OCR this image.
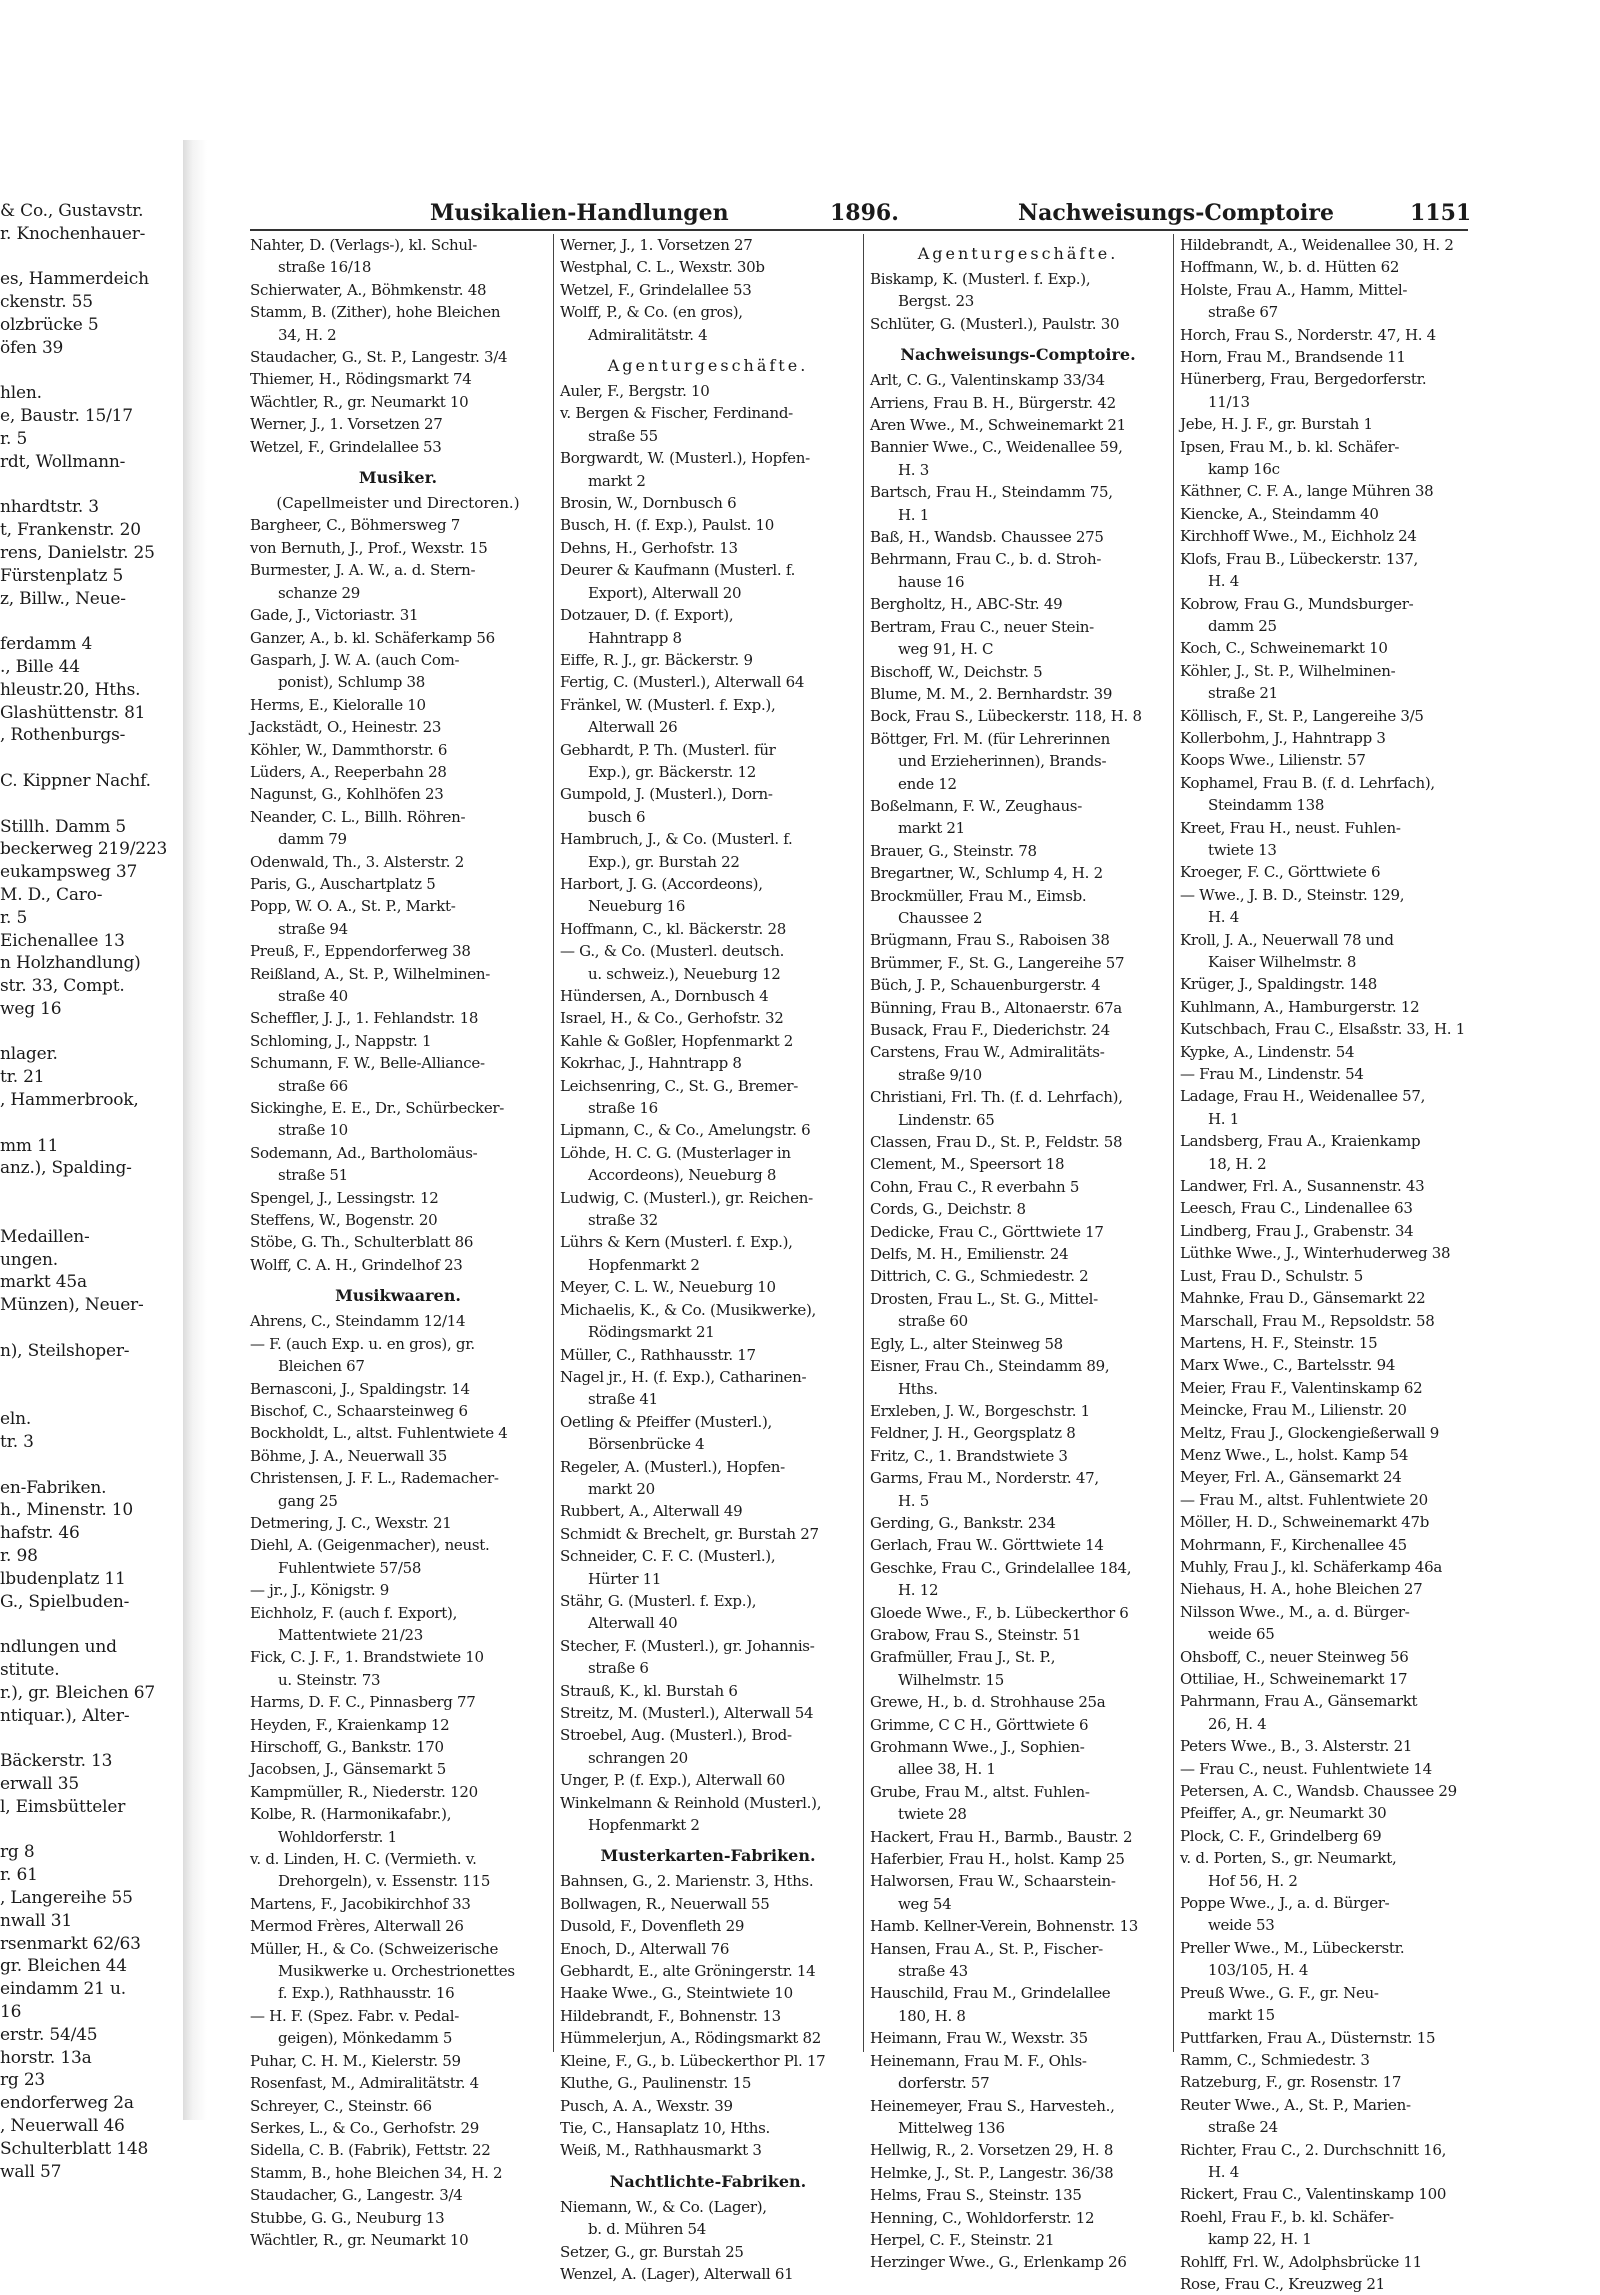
& Co., Gustavstr.
r. Knochenhauer-

es, Hammerdeich
ckenstr. 55
olzbrücke 5
öfen 39

hlen.
e, Baustr. 15/17
r. 5
rdt, Wollmann-

nhardtstr. 3
t, Frankenstr. 20
rens, Danielstr. 25
Fürstenplatz 5
z, Billw., Neue-

ferdamm 4
., Bille 44
hleustr.20, Hths.
Glashüttenstr. 81
, Rothenburgs-

C. Kippner Nachf.

Stillh. Damm 5
beckerweg 219/223
eukampsweg 37
M. D., Caro-
r. 5
Eichenallee 13
n Holzhandlung)
str. 33, Compt.
weg 16

nlager.
tr. 21
, Hammerbrook,

mm 11
anz.), Spalding-

Medaillen-
ungen.
markt 45a
Münzen), Neuer-

n), Steilshoper-

eln.
tr. 3

en-Fabriken.
h., Minenstr. 10
hafstr. 46
r. 98
lbudenplatz 11
G., Spielbuden-

ndlungen und
stitute.
r.), gr. Bleichen 67
ntiquar.), Alter-

Bäckerstr. 13
erwall 35
l, Eimsbütteler

rg 8
r. 61
, Langereihe 55
nwall 31
rsenmarkt 62/63
gr. Bleichen 44
eindamm 21 u.
16
erstr. 54/45
horstr. 13a
rg 23
endorferweg 2a
, Neuerwall 46
Schulterblatt 148
wall 57
Musikalien-Handlungen	1896.	Nachweisungs-Comptoire	1151
Nahter, D. (Verlags-), kl. Schul-
straße 16/18
Schierwater, A., Böhmkenstr. 48
Stamm, B. (Zither), hohe Bleichen
34, H. 2
Staudacher, G., St. P., Langestr. 3/4
Thiemer, H., Rödingsmarkt 74
Wächtler, R., gr. Neumarkt 10
Werner, J., 1. Vorsetzen 27
Wetzel, F., Grindelallee 53
Musiker.
(Capellmeister und Directoren.)
Bargheer, C., Böhmersweg 7
von Bernuth, J., Prof., Wexstr. 15
Burmester, J. A. W., a. d. Stern-
schanze 29
Gade, J., Victoriastr. 31
Ganzer, A., b. kl. Schäferkamp 56
Gasparh, J. W. A. (auch Com-
ponist), Schlump 38
Herms, E., Kieloralle 10
Jackstädt, O., Heinestr. 23
Köhler, W., Dammthorstr. 6
Lüders, A., Reeperbahn 28
Nagunst, G., Kohlhöfen 23
Neander, C. L., Billh. Röhren-
damm 79
Odenwald, Th., 3. Alsterstr. 2
Paris, G., Auschartplatz 5
Popp, W. O. A., St. P., Markt-
straße 94
Preuß, F., Eppendorferweg 38
Reißland, A., St. P., Wilhelminen-
straße 40
Scheffler, J. J., 1. Fehlandstr. 18
Schloming, J., Nappstr. 1
Schumann, F. W., Belle-Alliance-
straße 66
Sickinghe, E. E., Dr., Schürbecker-
straße 10
Sodemann, Ad., Bartholomäus-
straße 51
Spengel, J., Lessingstr. 12
Steffens, W., Bogenstr. 20
Stöbe, G. Th., Schulterblatt 86
Wolff, C. A. H., Grindelhof 23
Musikwaaren.
Ahrens, C., Steindamm 12/14
— F. (auch Exp. u. en gros), gr.
Bleichen 67
Bernasconi, J., Spaldingstr. 14
Bischof, C., Schaarsteinweg 6
Bockholdt, L., altst. Fuhlentwiete 4
Böhme, J. A., Neuerwall 35
Christensen, J. F. L., Rademacher-
gang 25
Detmering, J. C., Wexstr. 21
Diehl, A. (Geigenmacher), neust.
Fuhlentwiete 57/58
— jr., J., Königstr. 9
Eichholz, F. (auch f. Export),
Mattentwiete 21/23
Fick, C. J. F., 1. Brandstwiete 10
u. Steinstr. 73
Harms, D. F. C., Pinnasberg 77
Heyden, F., Kraienkamp 12
Hirschoff, G., Bankstr. 170
Jacobsen, J., Gänsemarkt 5
Kampmüller, R., Niederstr. 120
Kolbe, R. (Harmonikafabr.),
Wohldorferstr. 1
v. d. Linden, H. C. (Vermieth. v.
Drehorgeln), v. Essenstr. 115
Martens, F., Jacobikirchhof 33
Mermod Frères, Alterwall 26
Müller, H., & Co. (Schweizerische
Musikwerke u. Orchestrionettes
f. Exp.), Rathhausstr. 16
— H. F. (Spez. Fabr. v. Pedal-
geigen), Mönkedamm 5
Puhar, C. H. M., Kielerstr. 59
Rosenfast, M., Admiralitätstr. 4
Schreyer, C., Steinstr. 66
Serkes, L., & Co., Gerhofstr. 29
Sidella, C. B. (Fabrik), Fettstr. 22
Stamm, B., hohe Bleichen 34, H. 2
Staudacher, G., Langestr. 3/4
Stubbe, G. G., Neuburg 13
Wächtler, R., gr. Neumarkt 10
Werner, J., 1. Vorsetzen 27
Westphal, C. L., Wexstr. 30b
Wetzel, F., Grindelallee 53
Wolff, P., & Co. (en gros),
Admiralitätstr. 4
Agenturgeschäfte.
Auler, F., Bergstr. 10
v. Bergen & Fischer, Ferdinand-
straße 55
Borgwardt, W. (Musterl.), Hopfen-
markt 2
Brosin, W., Dornbusch 6
Busch, H. (f. Exp.), Paulst. 10
Dehns, H., Gerhofstr. 13
Deurer & Kaufmann (Musterl. f.
Export), Alterwall 20
Dotzauer, D. (f. Export),
Hahntrapp 8
Eiffe, R. J., gr. Bäckerstr. 9
Fertig, C. (Musterl.), Alterwall 64
Fränkel, W. (Musterl. f. Exp.),
Alterwall 26
Gebhardt, P. Th. (Musterl. für
Exp.), gr. Bäckerstr. 12
Gumpold, J. (Musterl.), Dorn-
busch 6
Hambruch, J., & Co. (Musterl. f.
Exp.), gr. Burstah 22
Harbort, J. G. (Accordeons),
Neueburg 16
Hoffmann, C., kl. Bäckerstr. 28
— G., & Co. (Musterl. deutsch.
u. schweiz.), Neueburg 12
Hündersen, A., Dornbusch 4
Israel, H., & Co., Gerhofstr. 32
Kahle & Goßler, Hopfenmarkt 2
Kokrhac, J., Hahntrapp 8
Leichsenring, C., St. G., Bremer-
straße 16
Lipmann, C., & Co., Amelungstr. 6
Löhde, H. C. G. (Musterlager in
Accordeons), Neueburg 8
Ludwig, C. (Musterl.), gr. Reichen-
straße 32
Lührs & Kern (Musterl. f. Exp.),
Hopfenmarkt 2
Meyer, C. L. W., Neueburg 10
Michaelis, K., & Co. (Musikwerke),
Rödingsmarkt 21
Müller, C., Rathhausstr. 17
Nagel jr., H. (f. Exp.), Catharinen-
straße 41
Oetling & Pfeiffer (Musterl.),
Börsenbrücke 4
Regeler, A. (Musterl.), Hopfen-
markt 20
Rubbert, A., Alterwall 49
Schmidt & Brechelt, gr. Burstah 27
Schneider, C. F. C. (Musterl.),
Hürter 11
Stähr, G. (Musterl. f. Exp.),
Alterwall 40
Stecher, F. (Musterl.), gr. Johannis-
straße 6
Strauß, K., kl. Burstah 6
Streitz, M. (Musterl.), Alterwall 54
Stroebel, Aug. (Musterl.), Brod-
schrangen 20
Unger, P. (f. Exp.), Alterwall 60
Winkelmann & Reinhold (Musterl.),
Hopfenmarkt 2
Musterkarten-Fabriken.
Bahnsen, G., 2. Marienstr. 3, Hths.
Bollwagen, R., Neuerwall 55
Dusold, F., Dovenfleth 29
Enoch, D., Alterwall 76
Gebhardt, E., alte Gröningerstr. 14
Haake Wwe., G., Steintwiete 10
Hildebrandt, F., Bohnenstr. 13
Hümmelerjun, A., Rödingsmarkt 82
Kleine, F., G., b. Lübeckerthor Pl. 17
Kluthe, G., Paulinenstr. 15
Pusch, A. A., Wexstr. 39
Tie, C., Hansaplatz 10, Hths.
Weiß, M., Rathhausmarkt 3
Nachtlichte-Fabriken.
Niemann, W., & Co. (Lager),
b. d. Mühren 54
Setzer, G., gr. Burstah 25
Wenzel, A. (Lager), Alterwall 61
Agenturgeschäfte.
Biskamp, K. (Musterl. f. Exp.),
Bergst. 23
Schlüter, G. (Musterl.), Paulstr. 30
Nachweisungs-Comptoire.
Arlt, C. G., Valentinskamp 33/34
Arriens, Frau B. H., Bürgerstr. 42
Aren Wwe., M., Schweinemarkt 21
Bannier Wwe., C., Weidenallee 59,
H. 3
Bartsch, Frau H., Steindamm 75,
H. 1
Baß, H., Wandsb. Chaussee 275
Behrmann, Frau C., b. d. Stroh-
hause 16
Bergholtz, H., ABC-Str. 49
Bertram, Frau C., neuer Stein-
weg 91, H. C
Bischoff, W., Deichstr. 5
Blume, M. M., 2. Bernhardstr. 39
Bock, Frau S., Lübeckerstr. 118, H. 8
Böttger, Frl. M. (für Lehrerinnen
und Erzieherinnen), Brands-
ende 12
Boßelmann, F. W., Zeughaus-
markt 21
Brauer, G., Steinstr. 78
Bregartner, W., Schlump 4, H. 2
Brockmüller, Frau M., Eimsb.
Chaussee 2
Brügmann, Frau S., Raboisen 38
Brümmer, F., St. G., Langereihe 57
Büch, J. P., Schauenburgerstr. 4
Bünning, Frau B., Altonaerstr. 67a
Busack, Frau F., Diederichstr. 24
Carstens, Frau W., Admiralitäts-
straße 9/10
Christiani, Frl. Th. (f. d. Lehrfach),
Lindenstr. 65
Classen, Frau D., St. P., Feldstr. 58
Clement, M., Speersort 18
Cohn, Frau C., R everbahn 5
Cords, G., Deichstr. 8
Dedicke, Frau C., Görttwiete 17
Delfs, M. H., Emilienstr. 24
Dittrich, C. G., Schmiedestr. 2
Drosten, Frau L., St. G., Mittel-
straße 60
Egly, L., alter Steinweg 58
Eisner, Frau Ch., Steindamm 89,
Hths.
Erxleben, J. W., Borgeschstr. 1
Feldner, J. H., Georgsplatz 8
Fritz, C., 1. Brandstwiete 3
Garms, Frau M., Norderstr. 47,
H. 5
Gerding, G., Bankstr. 234
Gerlach, Frau W.. Görttwiete 14
Geschke, Frau C., Grindelallee 184,
H. 12
Gloede Wwe., F., b. Lübeckerthor 6
Grabow, Frau S., Steinstr. 51
Grafmüller, Frau J., St. P.,
Wilhelmstr. 15
Grewe, H., b. d. Strohhause 25a
Grimme, C C H., Görttwiete 6
Grohmann Wwe., J., Sophien-
allee 38, H. 1
Grube, Frau M., altst. Fuhlen-
twiete 28
Hackert, Frau H., Barmb., Baustr. 2
Haferbier, Frau H., holst. Kamp 25
Halworsen, Frau W., Schaarstein-
weg 54
Hamb. Kellner-Verein, Bohnenstr. 13
Hansen, Frau A., St. P., Fischer-
straße 43
Hauschild, Frau M., Grindelallee
180, H. 8
Heimann, Frau W., Wexstr. 35
Heinemann, Frau M. F., Ohls-
dorferstr. 57
Heinemeyer, Frau S., Harvesteh.,
Mittelweg 136
Hellwig, R., 2. Vorsetzen 29, H. 8
Helmke, J., St. P., Langestr. 36/38
Helms, Frau S., Steinstr. 135
Henning, C., Wohldorferstr. 12
Herpel, C. F., Steinstr. 21
Herzinger Wwe., G., Erlenkamp 26
Hildebrandt, A., Weidenallee 30, H. 2
Hoffmann, W., b. d. Hütten 62
Holste, Frau A., Hamm, Mittel-
straße 67
Horch, Frau S., Norderstr. 47, H. 4
Horn, Frau M., Brandsende 11
Hünerberg, Frau, Bergedorferstr.
11/13
Jebe, H. J. F., gr. Burstah 1
Ipsen, Frau M., b. kl. Schäfer-
kamp 16c
Käthner, C. F. A., lange Mühren 38
Kiencke, A., Steindamm 40
Kirchhoff Wwe., M., Eichholz 24
Klofs, Frau B., Lübeckerstr. 137,
H. 4
Kobrow, Frau G., Mundsburger-
damm 25
Koch, C., Schweinemarkt 10
Köhler, J., St. P., Wilhelminen-
straße 21
Köllisch, F., St. P., Langereihe 3/5
Kollerbohm, J., Hahntrapp 3
Koops Wwe., Lilienstr. 57
Kophamel, Frau B. (f. d. Lehrfach),
Steindamm 138
Kreet, Frau H., neust. Fuhlen-
twiete 13
Kroeger, F. C., Görttwiete 6
— Wwe., J. B. D., Steinstr. 129,
H. 4
Kroll, J. A., Neuerwall 78 und
Kaiser Wilhelmstr. 8
Krüger, J., Spaldingstr. 148
Kuhlmann, A., Hamburgerstr. 12
Kutschbach, Frau C., Elsaßstr. 33, H. 1
Kypke, A., Lindenstr. 54
— Frau M., Lindenstr. 54
Ladage, Frau H., Weidenallee 57,
H. 1
Landsberg, Frau A., Kraienkamp
18, H. 2
Landwer, Frl. A., Susannenstr. 43
Leesch, Frau C., Lindenallee 63
Lindberg, Frau J., Grabenstr. 34
Lüthke Wwe., J., Winterhuderweg 38
Lust, Frau D., Schulstr. 5
Mahnke, Frau D., Gänsemarkt 22
Marschall, Frau M., Repsoldstr. 58
Martens, H. F., Steinstr. 15
Marx Wwe., C., Bartelsstr. 94
Meier, Frau F., Valentinskamp 62
Meincke, Frau M., Lilienstr. 20
Meltz, Frau J., Glockengießerwall 9
Menz Wwe., L., holst. Kamp 54
Meyer, Frl. A., Gänsemarkt 24
— Frau M., altst. Fuhlentwiete 20
Möller, H. D., Schweinemarkt 47b
Mohrmann, F., Kirchenallee 45
Muhly, Frau J., kl. Schäferkamp 46a
Niehaus, H. A., hohe Bleichen 27
Nilsson Wwe., M., a. d. Bürger-
weide 65
Ohsboff, C., neuer Steinweg 56
Ottiliae, H., Schweinemarkt 17
Pahrmann, Frau A., Gänsemarkt
26, H. 4
Peters Wwe., B., 3. Alsterstr. 21
— Frau C., neust. Fuhlentwiete 14
Petersen, A. C., Wandsb. Chaussee 29
Pfeiffer, A., gr. Neumarkt 30
Plock, C. F., Grindelberg 69
v. d. Porten, S., gr. Neumarkt,
Hof 56, H. 2
Poppe Wwe., J., a. d. Bürger-
weide 53
Preller Wwe., M., Lübeckerstr.
103/105, H. 4
Preuß Wwe., G. F., gr. Neu-
markt 15
Puttfarken, Frau A., Düsternstr. 15
Ramm, C., Schmiedestr. 3
Ratzeburg, F., gr. Rosenstr. 17
Reuter Wwe., A., St. P., Marien-
straße 24
Richter, Frau C., 2. Durchschnitt 16,
H. 4
Rickert, Frau C., Valentinskamp 100
Roehl, Frau F., b. kl. Schäfer-
kamp 22, H. 1
Rohlff, Frl. W., Adolphsbrücke 11
Rose, Frau C., Kreuzweg 21
